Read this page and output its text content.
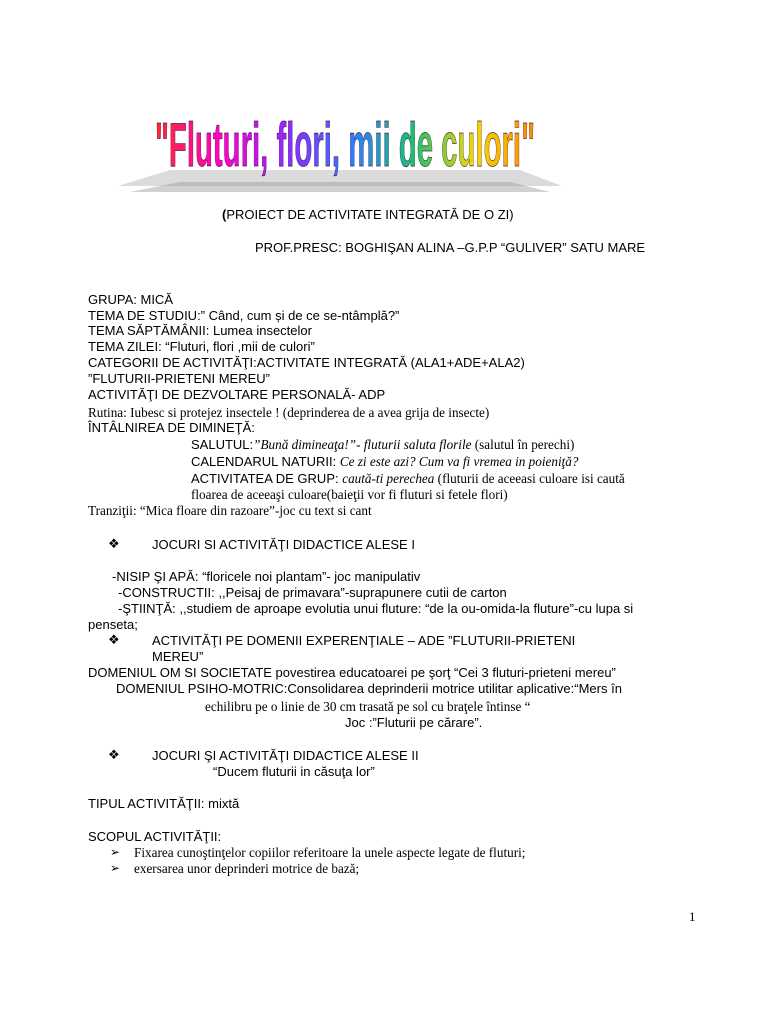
"Fluturi, flori, mii de culori"
(PROIECT DE ACTIVITATE INTEGRATĂ DE O ZI)
PROF.PRESC: BOGHIŞAN ALINA –G.P.P “GULIVER” SATU MARE
GRUPA: MICĂ
TEMA DE STUDIU:” Când, cum și de ce se-ntâmplă?”
TEMA SĂPTĂMÂNII: Lumea insectelor
TEMA ZILEI: “Fluturi, flori ,mii de culori”
CATEGORII DE ACTIVITĂŢI:ACTIVITATE INTEGRATĂ (ALA1+ADE+ALA2)
”FLUTURII-PRIETENI MEREU”
ACTIVITĂŢI DE DEZVOLTARE PERSONALĂ- ADP
Rutina: Iubesc si protejez insectele ! (deprinderea de a avea grija de insecte)
ÎNTÂLNIREA DE DIMINEŢĂ:
SALUTUL:”Bună dimineaţa!”- fluturii saluta florile (salutul în perechi)
CALENDARUL NATURII: Ce zi este azi? Cum va fi vremea in poieniţă?
ACTIVITATEA DE GRUP: caută-ti perechea (fluturii de aceeasi culoare isi caută
floarea de aceeaşi culoare(baieţii vor fi fluturi si fetele flori)
Tranziţii: “Mica floare din razoare”-joc cu text si cant
❖ JOCURI SI ACTIVITĂŢI DIDACTICE ALESE I
-NISIP ŞI APĂ: “floricele noi plantam”- joc manipulativ
-CONSTRUCTII: ,,Peisaj de primavara”-suprapunere cutii de carton
-ŞTIINŢĂ: ,,studiem de aproape evolutia unui fluture: “de la ou-omida-la fluture”-cu lupa si
penseta;
❖ ACTIVITĂŢI PE DOMENII EXPERENŢIALE – ADE ”FLUTURII-PRIETENI
MEREU”
DOMENIUL OM SI SOCIETATE povestirea educatoarei pe şorţ “Cei 3 fluturi-prieteni mereu”
DOMENIUL PSIHO-MOTRIC:Consolidarea deprinderii motrice utilitar aplicative:“Mers în
echilibru pe o linie de 30 cm trasată pe sol cu braţele întinse “
Joc :”Fluturii pe cărare”.
❖ JOCURI ŞI ACTIVITĂŢI DIDACTICE ALESE II
“Ducem fluturii in căsuţa lor”
TIPUL ACTIVITĂŢII: mixtă
SCOPUL ACTIVITĂŢII:
➢ Fixarea cunoştinţelor copiilor referitoare la unele aspecte legate de fluturi;
➢ exersarea unor deprinderi motrice de bază;
1
